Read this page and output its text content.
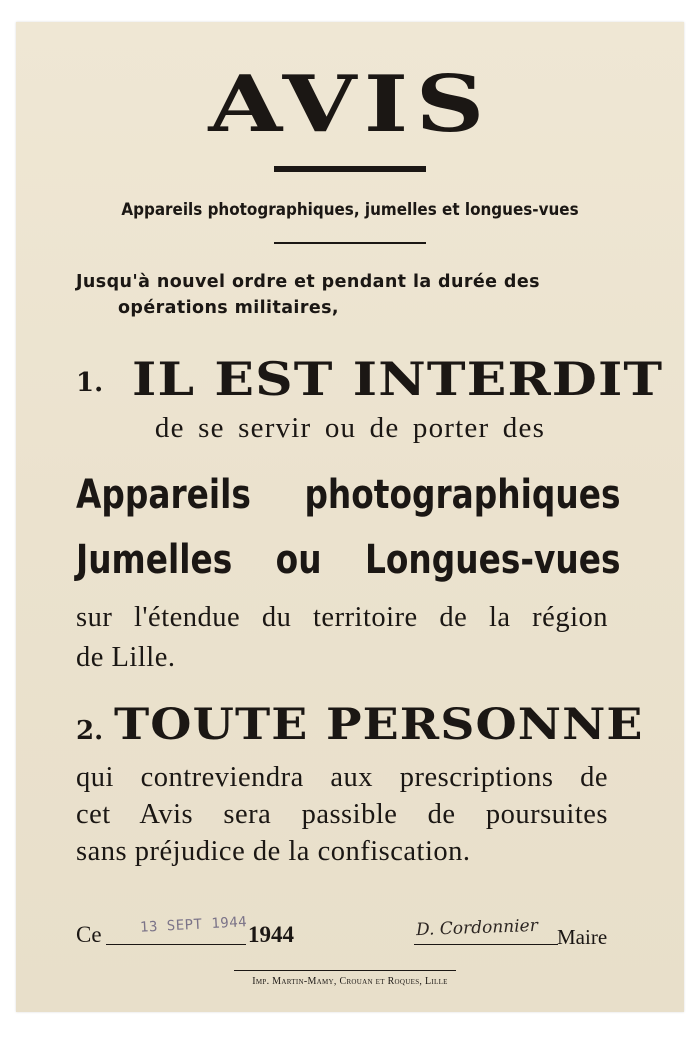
AVIS
Appareils photographiques, jumelles et longues-vues
Jusqu'à nouvel ordre et pendant la durée des
opérations militaires,
1. IL EST INTERDIT
de se servir ou de porter des
Appareils photographiques
Jumelles ou Longues-vues
sur l'étendue du territoire de la région
de Lille.
2. TOUTE PERSONNE
qui contreviendra aux prescriptions de
cet Avis sera passible de poursuites
sans préjudice de la confiscation.
Ce	13 SEPT 1944 1944	D. Cordonnier Maire
Imp. Martin-Mamy, Crouan et Roques, Lille
